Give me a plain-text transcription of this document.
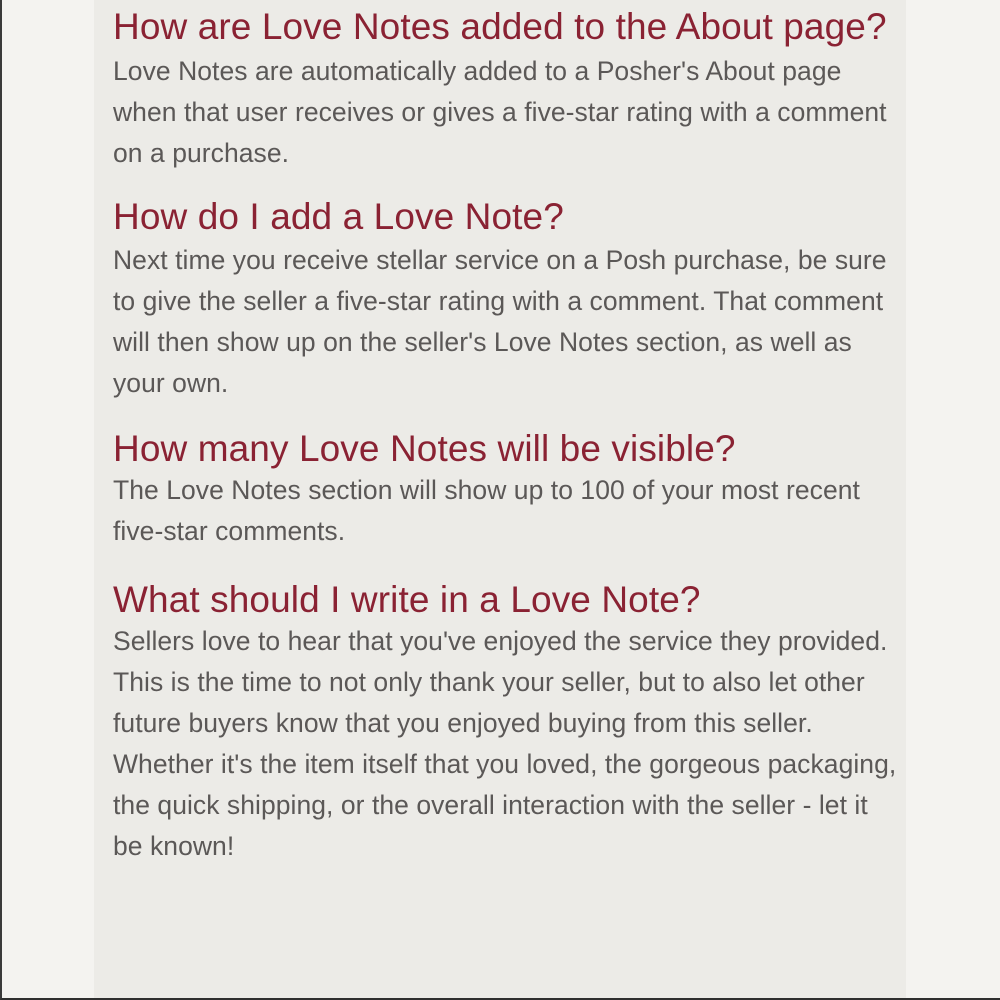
How are Love Notes added to the About page?

Love Notes are automatically added to a Posher's About page when that user receives or gives a five-star rating with a comment on a purchase.

How do I add a Love Note?

Next time you receive stellar service on a Posh purchase, be sure to give the seller a five-star rating with a comment. That comment will then show up on the seller's Love Notes section, as well as your own.

How many Love Notes will be visible?

The Love Notes section will show up to 100 of your most recent five-star comments.

What should I write in a Love Note?

Sellers love to hear that you've enjoyed the service they provided. This is the time to not only thank your seller, but to also let other future buyers know that you enjoyed buying from this seller. Whether it's the item itself that you loved, the gorgeous packaging, the quick shipping, or the overall interaction with the seller - let it be known!
